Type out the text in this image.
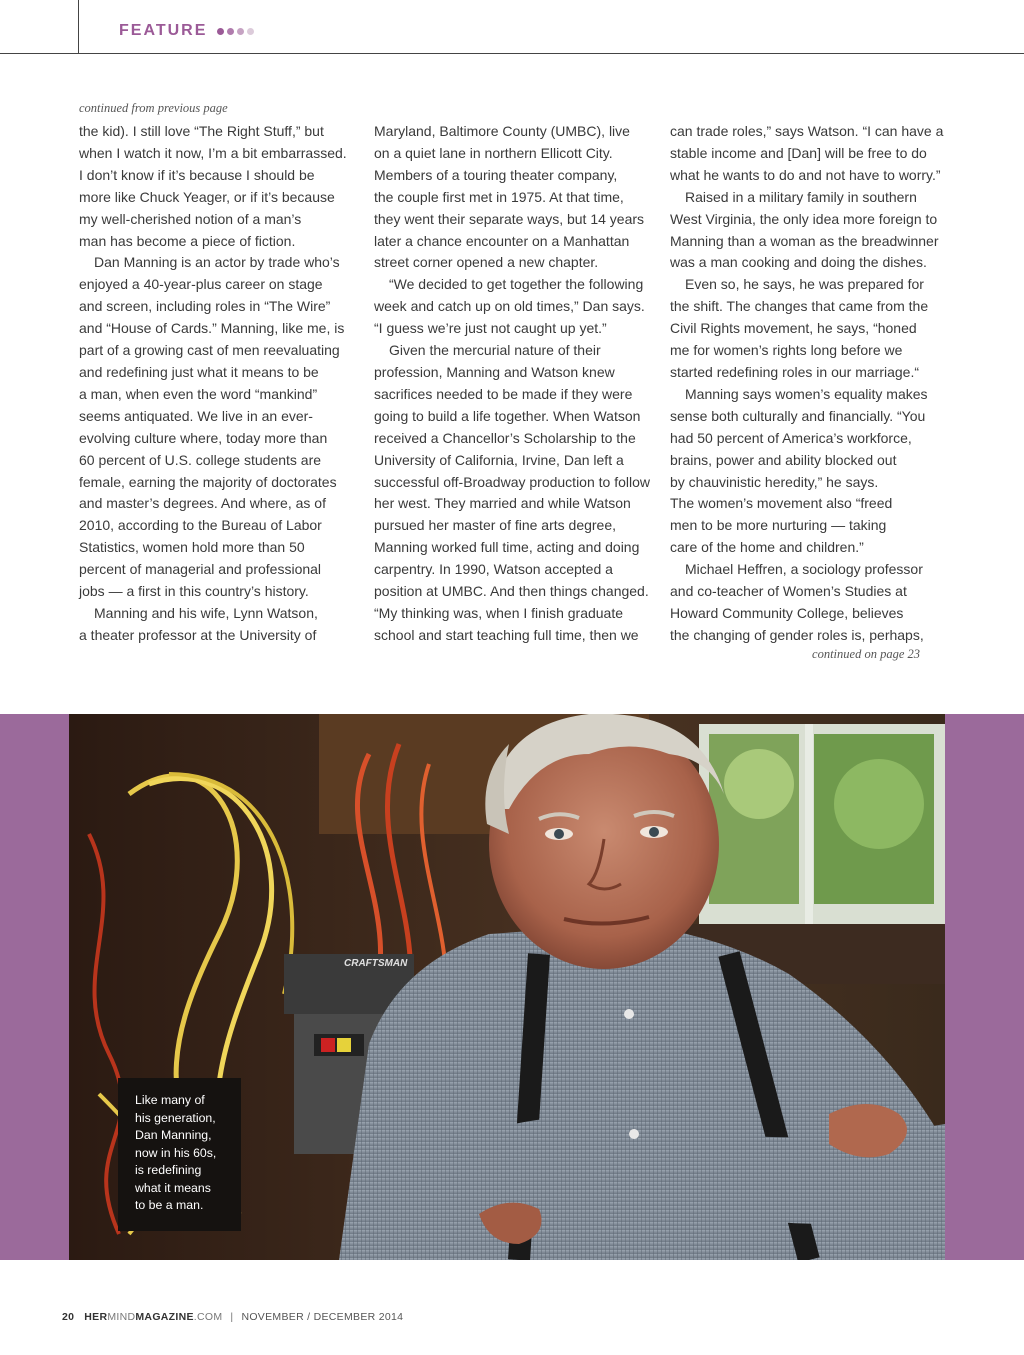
FEATURE
continued from previous page
the kid). I still love “The Right Stuff,” but
when I watch it now, I’m a bit embarrassed.
I don’t know if it’s because I should be
more like Chuck Yeager, or if it’s because
my well-cherished notion of a man’s
man has become a piece of fiction.
Dan Manning is an actor by trade who’s
enjoyed a 40-year-plus career on stage
and screen, including roles in “The Wire”
and “House of Cards.” Manning, like me, is
part of a growing cast of men reevaluating
and redefining just what it means to be
a man, when even the word “mankind”
seems antiquated. We live in an ever-
evolving culture where, today more than
60 percent of U.S. college students are
female, earning the majority of doctorates
and master’s degrees. And where, as of
2010, according to the Bureau of Labor
Statistics, women hold more than 50
percent of managerial and professional
jobs — a first in this country’s history.
Manning and his wife, Lynn Watson,
a theater professor at the University of
Maryland, Baltimore County (UMBC), live
on a quiet lane in northern Ellicott City.
Members of a touring theater company,
the couple first met in 1975. At that time,
they went their separate ways, but 14 years
later a chance encounter on a Manhattan
street corner opened a new chapter.
“We decided to get together the following
week and catch up on old times,” Dan says.
“I guess we’re just not caught up yet.”
Given the mercurial nature of their
profession, Manning and Watson knew
sacrifices needed to be made if they were
going to build a life together. When Watson
received a Chancellor’s Scholarship to the
University of California, Irvine, Dan left a
successful off-Broadway production to follow
her west. They married and while Watson
pursued her master of fine arts degree,
Manning worked full time, acting and doing
carpentry. In 1990, Watson accepted a
position at UMBC. And then things changed.
“My thinking was, when I finish graduate
school and start teaching full time, then we
can trade roles,” says Watson. “I can have a
stable income and [Dan] will be free to do
what he wants to do and not have to worry.”
Raised in a military family in southern
West Virginia, the only idea more foreign to
Manning than a woman as the breadwinner
was a man cooking and doing the dishes.
Even so, he says, he was prepared for
the shift. The changes that came from the
Civil Rights movement, he says, “honed
me for women’s rights long before we
started redefining roles in our marriage.“
Manning says women’s equality makes
sense both culturally and financially. “You
had 50 percent of America’s workforce,
brains, power and ability blocked out
by chauvinistic heredity,” he says.
The women’s movement also “freed
men to be more nurturing — taking
care of the home and children.”
Michael Heffren, a sociology professor
and co-teacher of Women’s Studies at
Howard Community College, believes
the changing of gender roles is, perhaps,
continued on page 23
CRAFTSMAN
Like many of
his generation,
Dan Manning,
now in his 60s,
is redefining
what it means
to be a man.
20 HER MIND MAGAZINE .COM | NOVEMBER / DECEMBER 2014
